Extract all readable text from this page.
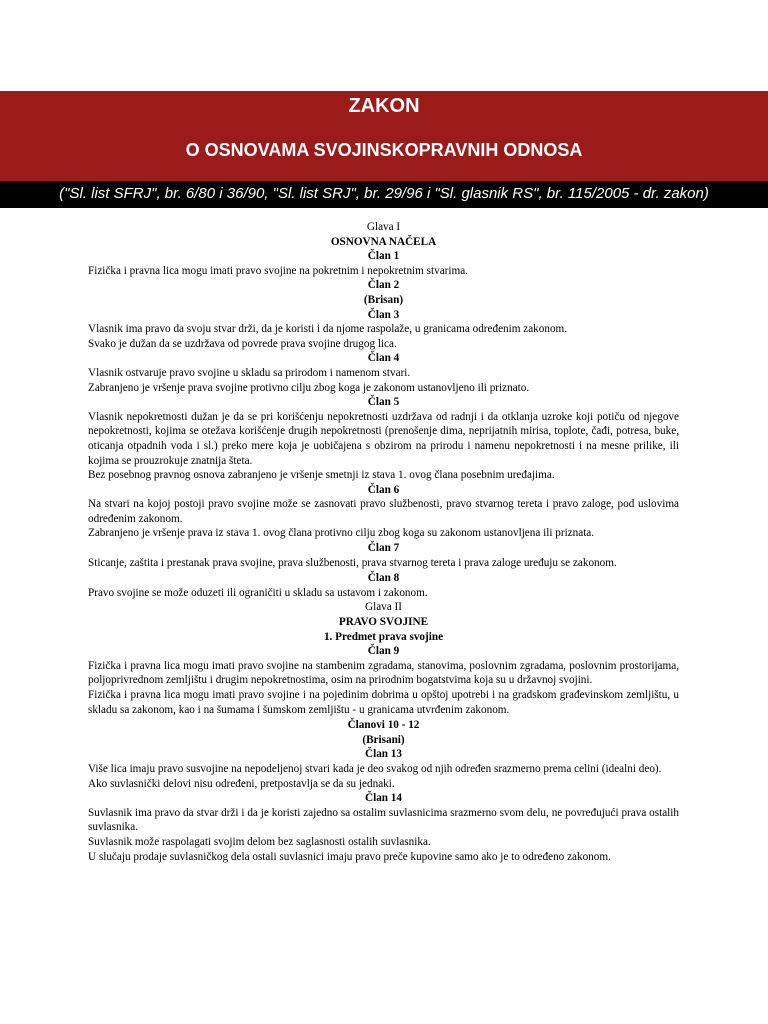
ZAKON
O OSNOVAMA SVOJINSKOPRAVNIH ODNOSA
("Sl. list SFRJ", br. 6/80 i 36/90, "Sl. list SRJ", br. 29/96 i "Sl. glasnik RS", br. 115/2005 - dr. zakon)
Glava I
OSNOVNA NAČELA
Član 1
Fizička i pravna lica mogu imati pravo svojine na pokretnim i nepokretnim stvarima.
Član 2
(Brisan)
Član 3
Vlasnik ima pravo da svoju stvar drži, da je koristi i da njome raspolaže, u granicama određenim zakonom.
Svako je dužan da se uzdržava od povrede prava svojine drugog lica.
Član 4
Vlasnik ostvaruje pravo svojine u skladu sa prirodom i namenom stvari.
Zabranjeno je vršenje prava svojine protivno cilju zbog koga je zakonom ustanovljeno ili priznato.
Član 5
Vlasnik nepokretnosti dužan je da se pri korišćenju nepokretnosti uzdržava od radnji i da otklanja uzroke koji potiču od njegove nepokretnosti, kojima se otežava korišćenje drugih nepokretnosti (prenošenje dima, neprijatnih mirisa, toplote, čađi, potresa, buke, oticanja otpadnih voda i sl.) preko mere koja je uobičajena s obzirom na prirodu i namenu nepokretnosti i na mesne prilike, ili kojima se prouzrokuje znatnija šteta.
Bez posebnog pravnog osnova zabranjeno je vršenje smetnji iz stava 1. ovog člana posebnim uređajima.
Član 6
Na stvari na kojoj postoji pravo svojine može se zasnovati pravo službenosti, pravo stvarnog tereta i pravo zaloge, pod uslovima određenim zakonom.
Zabranjeno je vršenje prava iz stava 1. ovog člana protivno cilju zbog koga su zakonom ustanovljena ili priznata.
Član 7
Sticanje, zaštita i prestanak prava svojine, prava službenosti, prava stvarnog tereta i prava zaloge uređuju se zakonom.
Član 8
Pravo svojine se može oduzeti ili ograničiti u skladu sa ustavom i zakonom.
Glava II
PRAVO SVOJINE
1. Predmet prava svojine
Član 9
Fizička i pravna lica mogu imati pravo svojine na stambenim zgradama, stanovima, poslovnim zgradama, poslovnim prostorijama, poljoprivrednom zemljištu i drugim nepokretnostima, osim na prirodnim bogatstvima koja su u državnoj svojini.
Fizička i pravna lica mogu imati pravo svojine i na pojedinim dobrima u opštoj upotrebi i na gradskom građevinskom zemljištu, u skladu sa zakonom, kao i na šumama i šumskom zemljištu - u granicama utvrđenim zakonom.
Članovi 10 - 12
(Brisani)
Član 13
Više lica imaju pravo susvojine na nepodeljenoj stvari kada je deo svakog od njih određen srazmerno prema celini (idealni deo).
Ako suvlasnički delovi nisu određeni, pretpostavlja se da su jednaki.
Član 14
Suvlasnik ima pravo da stvar drži i da je koristi zajedno sa ostalim suvlasnicima srazmerno svom delu, ne povređujući prava ostalih suvlasnika.
Suvlasnik može raspolagati svojim delom bez saglasnosti ostalih suvlasnika.
U slučaju prodaje suvlasničkog dela ostali suvlasnici imaju pravo preče kupovine samo ako je to određeno zakonom.
